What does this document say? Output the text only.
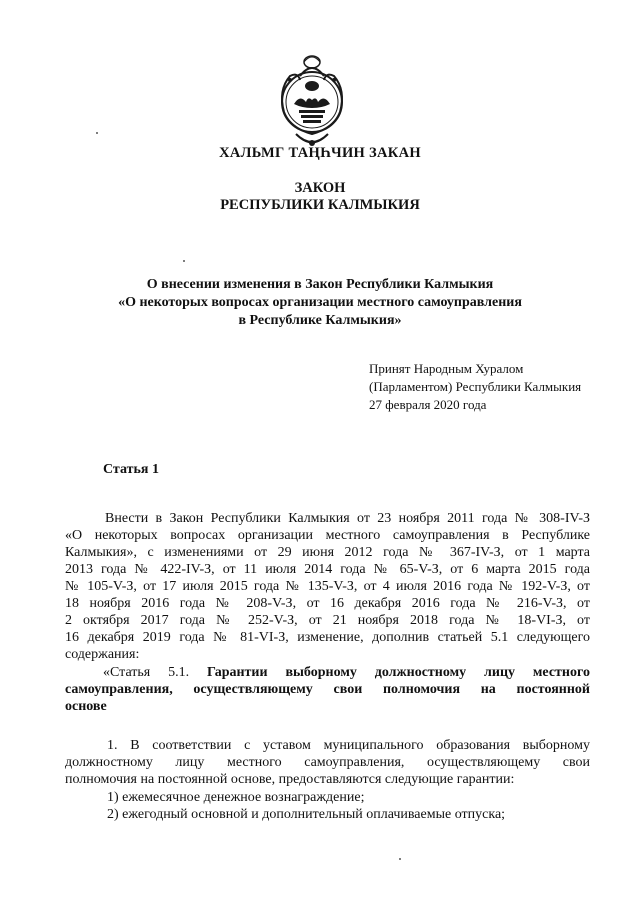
ХАЛЬМГ ТАҢҺЧИН ЗАКАН
ЗАКОН
РЕСПУБЛИКИ КАЛМЫКИЯ
О внесении изменения в Закон Республики Калмыкия
«О некоторых вопросах организации местного самоуправления
в Республике Калмыкия»
Принят Народным Хуралом
(Парламентом) Республики Калмыкия
27 февраля 2020 года
Статья 1
Внести в Закон Республики Калмыкия от 23 ноября 2011 года № 308-IV-З
«О некоторых вопросах организации местного самоуправления в Республике
Калмыкия», с изменениями от 29 июня 2012 года № 367-IV-З, от 1 марта
2013 года № 422-IV-З, от 11 июля 2014 года № 65-V-З, от 6 марта 2015 года
№ 105-V-З, от 17 июля 2015 года № 135-V-З, от 4 июля 2016 года № 192-V-З, от
18 ноября 2016 года № 208-V-З, от 16 декабря 2016 года № 216-V-З, от
2 октября 2017 года № 252-V-З, от 21 ноября 2018 года № 18-VI-З, от
16 декабря 2019 года № 81-VI-З, изменение, дополнив статьей 5.1 следующего
содержания:
«Статья 5.1. Гарантии выборному должностному лицу местного
самоуправления, осуществляющему свои полномочия на постоянной
основе
1. В соответствии с уставом муниципального образования выборному
должностному лицу местного самоуправления, осуществляющему свои
полномочия на постоянной основе, предоставляются следующие гарантии:
1) ежемесячное денежное вознаграждение;
2) ежегодный основной и дополнительный оплачиваемые отпуска;
